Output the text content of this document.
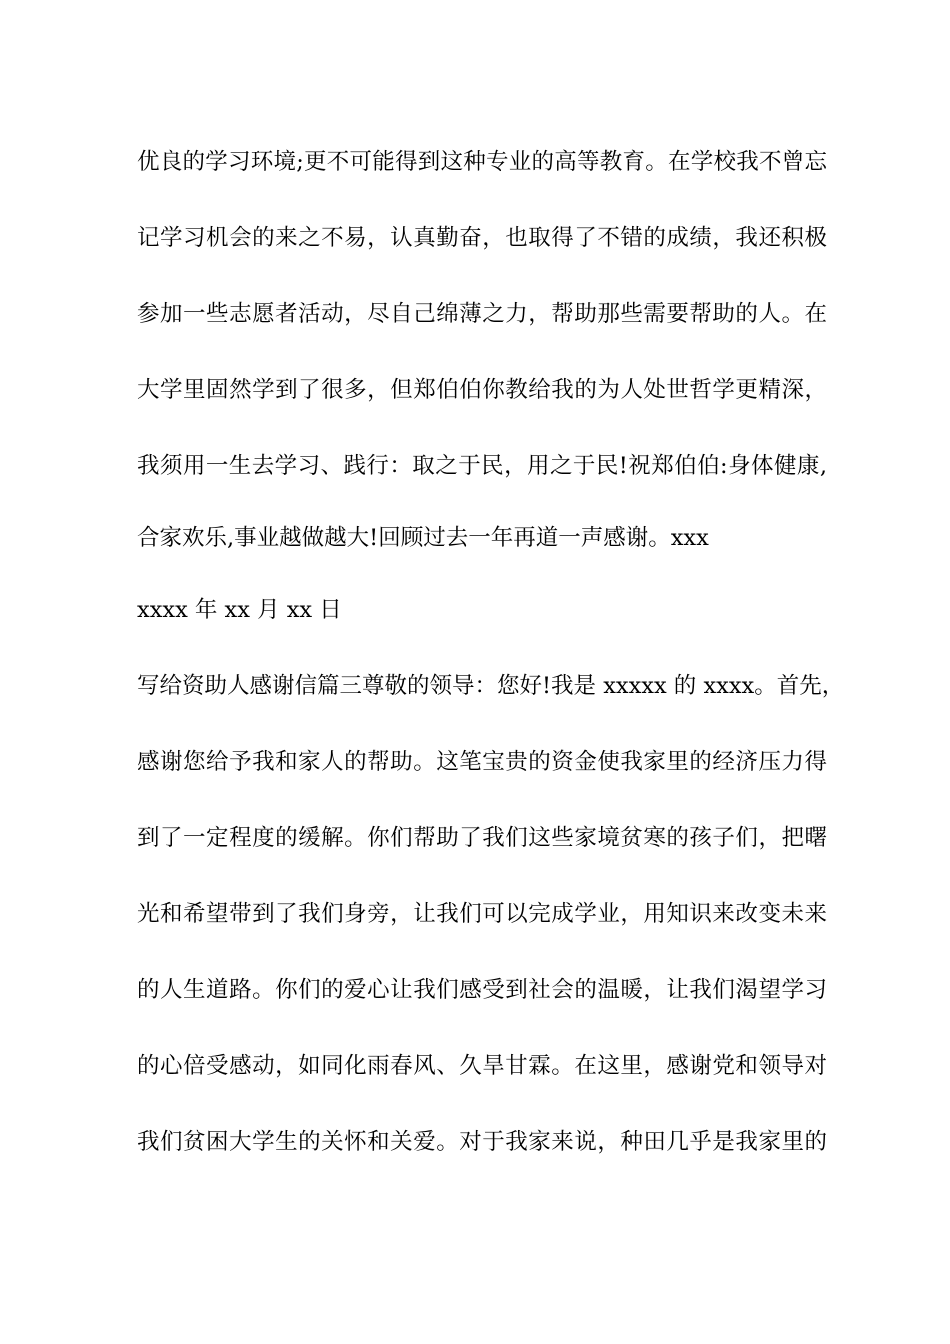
优良的学习环境;更不可能得到这种专业的高等教育。在学校我不曾忘
记学习机会的来之不易，认真勤奋，也取得了不错的成绩，我还积极
参加一些志愿者活动，尽自己绵薄之力，帮助那些需要帮助的人。在
大学里固然学到了很多，但郑伯伯你教给我的为人处世哲学更精深，
我须用一生去学习、践行：取之于民，用之于民!祝郑伯伯:身体健康,
合家欢乐,事业越做越大!回顾过去一年再道一声感谢。xxx
xxxx 年 xx 月 xx 日
写给资助人感谢信篇三尊敬的领导：您好!我是 xxxxx 的 xxxx。首先，
感谢您给予我和家人的帮助。这笔宝贵的资金使我家里的经济压力得
到了一定程度的缓解。你们帮助了我们这些家境贫寒的孩子们，把曙
光和希望带到了我们身旁，让我们可以完成学业，用知识来改变未来
的人生道路。你们的爱心让我们感受到社会的温暖，让我们渴望学习
的心倍受感动，如同化雨春风、久旱甘霖。在这里，感谢党和领导对
我们贫困大学生的关怀和关爱。对于我家来说，种田几乎是我家里的
